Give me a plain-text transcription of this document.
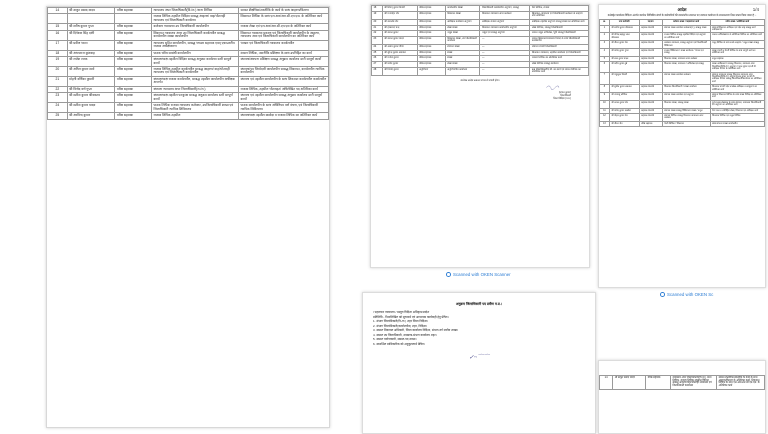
14	श्री ठाकुर प्रसाद यादव	वरिष्ठ सहायक	न्यायालय अपर जिलाधिकारी(वि./रा.) थाना लिपिक	समस्त शैक्षणिक/तकनीकि के कार्य के साथ आहरण/वितरण
			राजस्व लिपिक तहसील विदिशा सम्बद्ध आहरण/ वाह/भौतराही न्यायालय एवं जिलाधिकारी कार्यालय	शिकायत लिपिक के साथ एल.आर/आर.सी.एम.एस. के अतिरिक्त कार्य
15	श्री शरीष कुमार गुप्ता	वरिष्ठ सहायक	कलेक्टर न्यायालय उप जिलाधिकारी कार्यालयीन	राजस्व लेखा एवं एल.आर/आर.सी.एम.एस के अतिरिक्त कार्य
16	श्री दिनेश्वर सिंह दांगी	वरिष्ठ सहायक	शिकायत न्यायालय अपर उप जिलाधिकारी कार्यालयीन सम्बद्ध कार्यालयीन शाखा कार्यालयीन	शिकायत न्यायालय प्रकरण एवं जिलाधिकारी कार्यालयीन के आहरण, न्यायालय आय एवं जिलाधिकारी कार्यालयीन का अतिरिक्त कार्य
17	श्री प्रवीण भारत	वरिष्ठ सहायक	न्यायालय सहित कार्यालयीन, सम्बद्ध भण्डार सहायक एवम्‌ एकाउण्टीय राजस्व अधीक्षकगण	भण्डार एवं जिलाधिकारी न्यायालय कार्यालयीन
18	श्री अभयराज कुशवाह	वरिष्ठ सहायक	पाठक चरित्र सम्बंधी कार्यालयीन	शासन लिपिक, तकनीकि प्रशिक्षण के साथ उपनिहित का कार्य
19	श्री राजेश रजक	वरिष्ठ सहायक	स्थापनाध्यक्ष तहसील विदिशा सम्बद्ध अनुक्रम कार्यालय स्तरी सम्पूर्ण कार्यो	स्थापना/स्थापना प्रशिक्षण सम्बद्ध अनुक्रम कार्यालय स्तरी सम्पूर्ण कार्यो
20	श्री अनिल कुमार शर्मा	वरिष्ठ सहायक	राजस्व लिपिक तहसील कार्यालयीन सम्बद्ध आहरण/ वाह/भौतराही न्यायालय एवं जिलाधिकारी कार्यालयीन	स्थापना/पद जिम्मेदारी कार्यालयीन सम्बद्ध शिकायत, कार्यालयीन न्यायिक कार्यालयीन
21	मोहनी वर्णिका कुमारी	वरिष्ठ सहायक	स्थापनाध्यक्ष राजस्व कार्यालयीन, सम्बद्ध तहसील कार्यालयीन अधीक्षक अन्तर्गत	स्थापना एवं तहसील कार्यालयीन के साथ शिकायत कार्यालयीन कार्यालयीन
22	श्री विनोद वर्ण गुप्ता	वरिष्ठ सहायक	स्थापना न्यायालय अपर जिलाधिकारी(रा./रा.)	राजस्व लिपिक, तहसील भौतराहत/ अधिलेखित पद अतिरिक्त कार्य
23	श्री सतीश कुमार श्रीवास्तव	वरिष्ठ सहायक	स्थापनाध्यक्ष तहसील फरकुआ सम्बद्ध अनुक्रम कार्यालय स्तरी सम्पूर्ण कार्यो	स्थापना एवं तहसील कार्यालयीन सम्बद्ध अनुक्रम कार्यालय स्तरी सम्पूर्ण कार्यो
24	श्री सतीश कुमार यादव	वरिष्ठ सहायक	पाठक लिपिक राजस्व न्यायालय कलेक्टर, उपजिलाधिकारी शाखा एवं जिलाधिकारी न्यायिक शिविरालय	पाठक कार्यालयीन के साथ अधिनियम वर्ण वंचना, एवं जिलाधिकारी न्यायिक शिविरालय
25	श्री अरविन्द कुमार	वरिष्ठ सहायक	राजस्व लिपिक तहसील	स्थापनाध्यक्ष तहसील बासोदा व राजस्व लिपिक का अतिरिक्त कार्य
18	श्री शिवम्‌ कुमार तिवारी	वरिष्ठ सहायक	कार्यालयीन शाखा	जिलाधिकारी कार्यालयीन अनुभाग, सम्बद्ध	पेश लिपिक, राजस्व
19	श्री मनमोहन जैन	वरिष्ठ सहायक	शिकायत शाखा	शिकायत न्यायालय अपर कलेक्टर	शिकायत, न्यायालय एवं जिलाधिकारी कलेक्टर के आहरण और अतिरिक्त
20	श्री कमलेश जैन	वरिष्ठ सहायक	अधीक्षक कार्यालय अनुभाग	अधीक्षक राजस्व अनुभाग	अधीक्षक तहसील अनुभाग सम्बद्ध शाखा का अतिरिक्त कार्य
21	श्री हरप्रसाद चन्द्र	वरिष्ठ सहायक	लेखा शाखा	शिकायत न्यायालय कार्यालयीन अनुभाग	लेखा लिपिक, सम्बद्ध जिलाधिकारी
22	श्री कमल कुमार	वरिष्ठ सहायक	नजूल शाखा	नजूल एवं सम्बद्ध अनुभाग	समस्त नजूल अभिलेख, भूमि सम्बद्ध जिलाधिकारी
23	श्री कमल कुमार यादव	वरिष्ठ सहायक	शिकायत शाखा, उप जिलाधिकारी कार्यालय	—	समस्त शिकायत/न्यायालय विवाद के साथ जिलाधिकारी कार्यालयीन
24	श्री अजय कुमार मीणा	वरिष्ठ सहायक	स्थापना शाखा	—	स्थापना प्रभारी जिलाधिकारी
25	श्री सुरेन्द्र कुमार अग्रवाल	वरिष्ठ सहायक	शाखा	—	शिकायत न्यायालय, तहसील कार्यालय एवं जिलाधिकारी
26	श्री मनोज कुमार	वरिष्ठ सहायक	शाखा	—	राजस्व लिपिक का अतिरिक्त कार्य
27	श्री प्रमोद कुमार	वरिष्ठ सहायक	लेखा शाखा	—	लेखा लिपिक सम्बद्ध कार्यालय
28	श्री विनोद कुमार	अनुविभाग	अनुविभागीय कार्यालय	—	क्रय जिलाधिकारी/ए.डी. का कार्य एवं समस्त लिपिक का अतिरिक्त कार्य
उपरोक्त आदेश तत्काल प्रभाव से प्रभावी होगा।
◠◡◠
(प्रभात कुमार)
जिलाधिकारी
जिला विदिशा (म.प्र.)
1/4
आदेश
कलेक्ट्रेट कार्यालय विदिशा अंतर्गत कार्यरत लिपिकीय संवर्ग के कर्मचारियों की स्थानांतरित उपरान्त पद स्थापना कार्यभार के स्थानान्तरण निम्न प्रकार किया जाता है :-
क्र.	नाम कर्मचारी	पदनाम	वर्तमान शाखा / पदस्थापना कार्य	नवीन शाखा / अतिरिक्त कार्य
1	श्री सतीश कुमार श्रीवास्तव	सहायक ग्रेड-02	स्थापना शाखा कार्यालय कलेक्टर(रा.), सम्बद्ध शाखा	स्थापना/शिकायत अधीक्षक एवं पदेन वाह सम्बद्ध कार्य अधीक्षकगण
2	श्री योगेन्द्र बहादुर लाल श्रीवास्तव	सहायक ग्रेड-02	राजस्व लिपिक सम्बद्ध तहसील विदिशा एवं अनुभाग का अतिरिक्त कार्य	राजस्व अभिलेखागार के अतिरिक्त लिपिक का अतिरिक्त कार्य
3	श्री नीरज कुमार जैन	सहायक ग्रेड-02	कलेक्टर न्यायालय, सम्बद्ध अनुभाग एवं जिलाधिकारी शिविरालय	मजूद लिपिक के साथ उनके आहरण / नजूल शाखा सम्बद्ध
4	श्री प्रमोद कुमार गुप्ता	सहायक ग्रेड-02	राजस्व शिविरालय / शाखा कार्यालय / भण्डार एवं सम्बद्ध	शाखा प्रभारी व पेश्ती लिपिक के साथ सम्पूर्ण कार्य का अतिरिक्त कार्य
5	श्री लाल कुमार यादव	सहायक ग्रेड-02	शिकायत शाखा, न्यायालय अपर कलेक्टर	नजूल सहायक
6	श्री प्रदीप कुमार दुबे	सहायक ग्रेड-02	शिकायत शाखा, न्यायालय / अभिलेख एवं सम्बद्ध	शाखा अधीक्षकगण सम्बद्ध शिकायत, न्यायालय अपर जिलाधिकारी(वि./रा.) अनुभाग / पटल सुधार एवं डी.पी. अधीक्षक विभाग के अतिरिक्त कार्य
7	श्री मधुसूदन तिवारी	सहायक ग्रेड-02	स्थापना शाखा कार्यालय कलेक्टर	स्थापना न्यायालय सम्बद्ध शिकायत न्यायालय अपर जिलाधिकारी(वि./रा.) अनुभाग/पटल सुधार एवं डी.पी. अधीक्षक विभाग सम्बद्ध जिलाधिकारी/कार्यालय का अतिरिक्त कार्य
8	श्री सुनील कुमार अग्रवाल	सहायक ग्रेड-02	शिकायत जिलाधिकारी / शाखा कार्यालय	शिकायत प्रभारी पदेन उपलेख अधीक्षक व कम्यूटरण का अतिरिक्त कार्य
9	श्री उपमन्यु कौशिक	सहायक ग्रेड-02	स्थापना शाखा कार्यालय एवं अनुभाग	स्थापना शिकायत लिपिक के साथ शाखा निरीक्ष का अतिरिक्त कार्य
10	श्री कमल कुमार जैन	सहायक ग्रेड-02	शिकायत शाखा, सम्बद्ध शाखा	पूर्व राजस्व लेखपाल के साथ स्थापना, न्यायालय जिलाधिकारी एवं अनुभाग का अतिरिक्त कार्य
11	श्री प्रमोद कुमार सक्सेना	सहायक ग्रेड-02	स्थापना शाखा सम्बद्ध शिविरालय शाखा / नजूल	पेश पटल व उपनिहित लेखा, शिकायत एवं अधीक्षक कार्य
12	श्री मोहन कुमार जैन	सहायक ग्रेड-02	स्थापना लिपिक सम्बद्ध शिकायत न्यायालय अपर कलेक्टर	शिकायत लिपिक एवं नजूल लिपिक
13	श्री नीरज जैन	वरिष्ठ सहायक	पेश्ती लिपिक / शिकायत	स्थापना/उत्तर शाखा कार्यालयीन
अनुक्रम जिलाधिकारी पद प्रवीण म.प्र.।
/ पहलवान न्यायालय / प्रस्तुत विदिशा अधिकृत/आदेश
प्रतिलिपि:- निम्नलिखित को सूचनार्थ एवं आवश्यक कार्यवाही हेतु प्रेषित।
1. संभाग जिलाधिकारी(वि./रा.) शहर जिला विदिशा।
2. संभाग जिलाधिकारी(कार्यालयीन) शहर, विदिशा।
3. समस्त शिकायत अधिकारी, जिला कार्यालय विदिशा, संभाग-वर्ग स्तरीय शाखा।
4. समस्त उप जिलाधिकारी, उपखण्ड-संभाग कार्यालय शहर।
5. समस्त पर्याप्तकारी, समस्त-पद शाखा।
6. सम्बन्धित प्राधिकारिक को अनुकूलतार्थ प्रेषित।
✓~⌒⌒
14	श्री ठाकुर प्रसाद यादव	वरिष्ठ सहायक	न्यायालय अपर जिलाधिकारी(वि./रा.) थाना लिपिक, राजस्व लिपिक तहसील विदिशा सम्बद्ध आहरण/वाह/भौतराही न्यायालय एवं जिलाधिकारी कार्यालय	समस्त शैक्षणिक/तकनीकि के कार्य के साथ आहरण/वितरण के अतिरिक्त कार्य, शिकायत लिपिक के साथ एल.आर/आर.सी.एम.एस. के अतिरिक्त कार्य
Scanned with OKEN Scanner
Scanned with OKEN Sc
